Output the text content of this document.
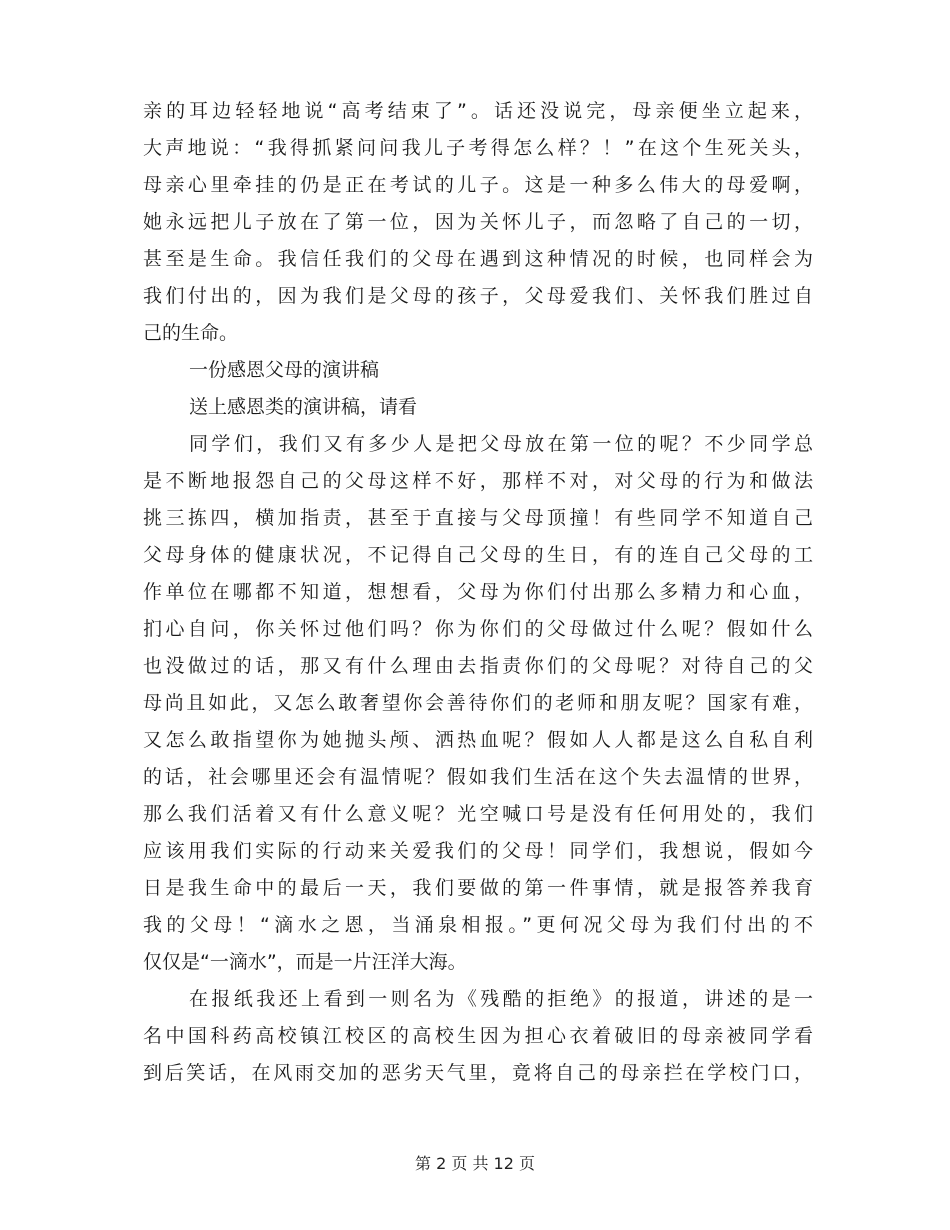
亲的耳边轻轻地说“高考结束了”。话还没说完，母亲便坐立起来，
大声地说：“我得抓紧问问我儿子考得怎么样？！”在这个生死关头，
母亲心里牵挂的仍是正在考试的儿子。这是一种多么伟大的母爱啊，
她永远把儿子放在了第一位，因为关怀儿子，而忽略了自己的一切，
甚至是生命。我信任我们的父母在遇到这种情况的时候，也同样会为
我们付出的，因为我们是父母的孩子，父母爱我们、关怀我们胜过自
己的生命。
一份感恩父母的演讲稿
送上感恩类的演讲稿，请看
同学们，我们又有多少人是把父母放在第一位的呢？不少同学总
是不断地报怨自己的父母这样不好，那样不对，对父母的行为和做法
挑三拣四，横加指责，甚至于直接与父母顶撞！有些同学不知道自己
父母身体的健康状况，不记得自己父母的生日，有的连自己父母的工
作单位在哪都不知道，想想看，父母为你们付出那么多精力和心血，
扪心自问，你关怀过他们吗？你为你们的父母做过什么呢？假如什么
也没做过的话，那又有什么理由去指责你们的父母呢？对待自己的父
母尚且如此，又怎么敢奢望你会善待你们的老师和朋友呢？国家有难，
又怎么敢指望你为她抛头颅、洒热血呢？假如人人都是这么自私自利
的话，社会哪里还会有温情呢？假如我们生活在这个失去温情的世界，
那么我们活着又有什么意义呢？光空喊口号是没有任何用处的，我们
应该用我们实际的行动来关爱我们的父母！同学们，我想说，假如今
日是我生命中的最后一天，我们要做的第一件事情，就是报答养我育
我的父母！“滴水之恩，当涌泉相报。”更何况父母为我们付出的不
仅仅是“一滴水”，而是一片汪洋大海。
在报纸我还上看到一则名为《残酷的拒绝》的报道，讲述的是一
名中国科药高校镇江校区的高校生因为担心衣着破旧的母亲被同学看
到后笑话，在风雨交加的恶劣天气里，竟将自己的母亲拦在学校门口，
第 2 页 共 12 页
